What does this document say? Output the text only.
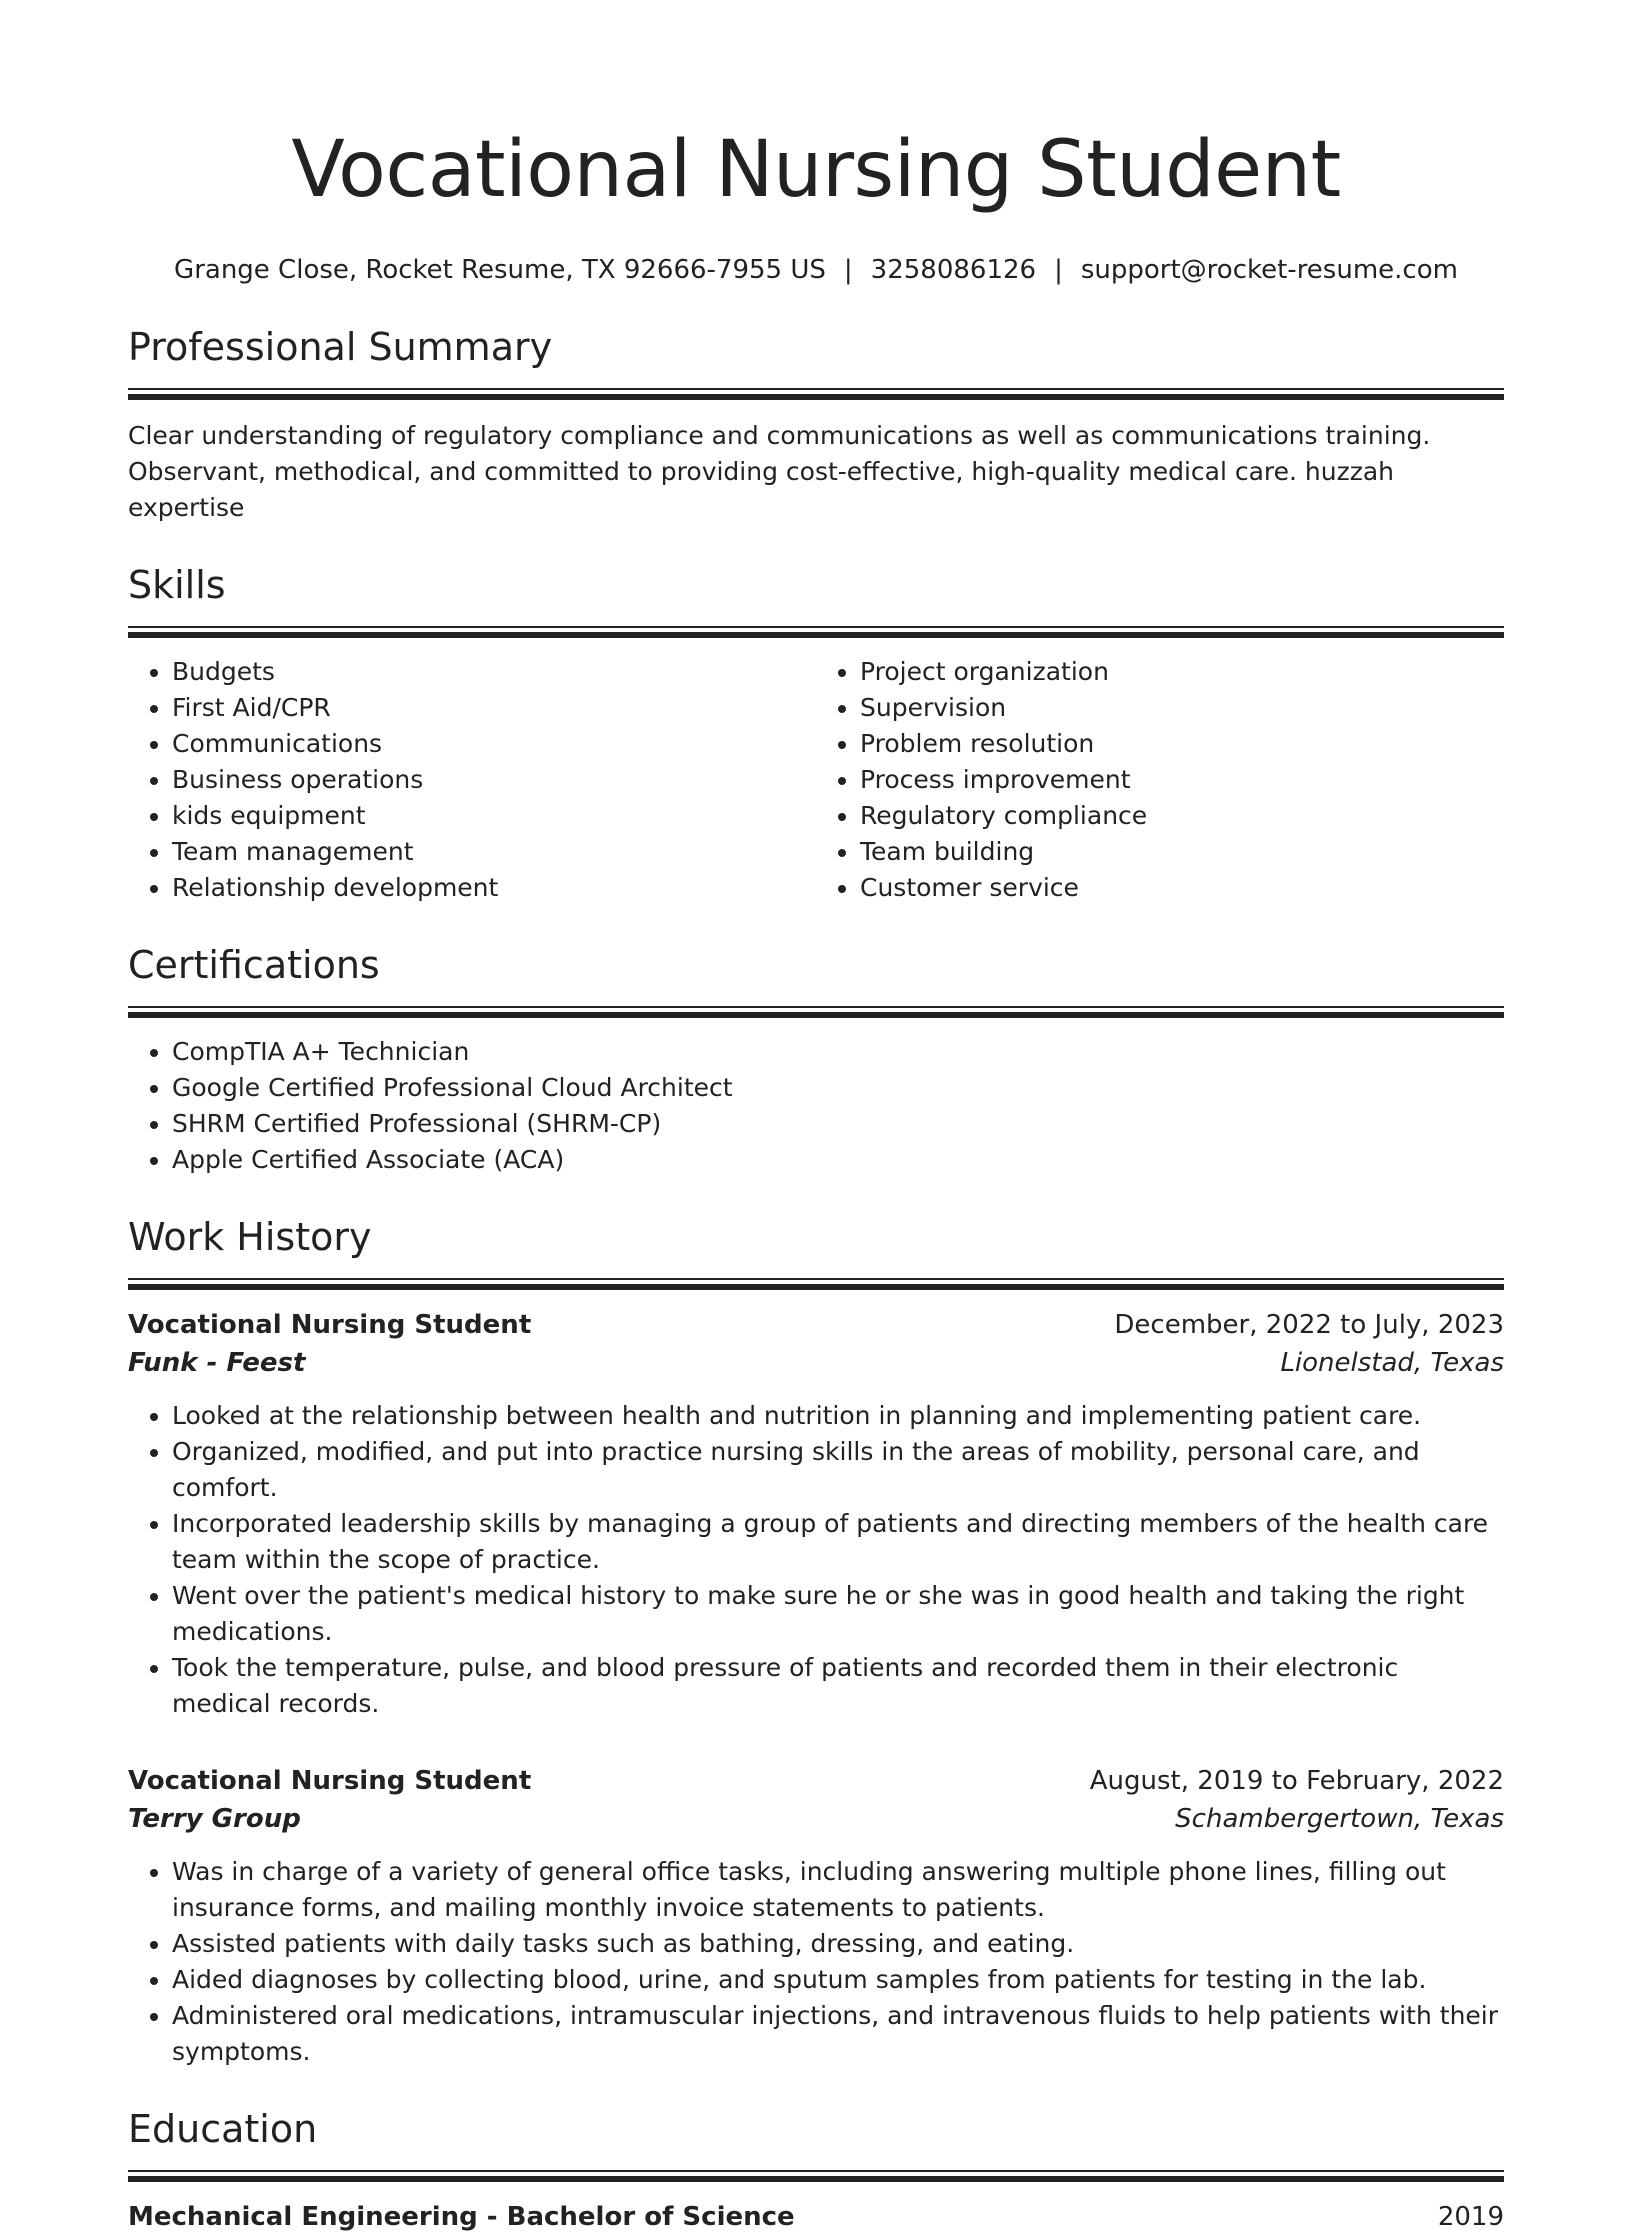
Vocational Nursing Student
Grange Close, Rocket Resume, TX 92666-7955 US | 3258086126 | support@rocket-resume.com
Professional Summary

Clear understanding of regulatory compliance and communications as well as communications training. Observant, methodical, and committed to providing cost-effective, high-quality medical care. huzzah expertise

Skills
• Budgets
• First Aid/CPR
• Communications
• Business operations
• kids equipment
• Team management
• Relationship development
• Project organization
• Supervision
• Problem resolution
• Process improvement
• Regulatory compliance
• Team building
• Customer service
Certifications
• CompTIA A+ Technician
• Google Certified Professional Cloud Architect
• SHRM Certified Professional (SHRM-CP)
• Apple Certified Associate (ACA)
Work History
Vocational Nursing Student	December, 2022 to July, 2023
Funk - Feest	Lionelstad, Texas
• Looked at the relationship between health and nutrition in planning and implementing patient care.
• Organized, modified, and put into practice nursing skills in the areas of mobility, personal care, and comfort.
• Incorporated leadership skills by managing a group of patients and directing members of the health care team within the scope of practice.
• Went over the patient's medical history to make sure he or she was in good health and taking the right medications.
• Took the temperature, pulse, and blood pressure of patients and recorded them in their electronic medical records.
Vocational Nursing Student	August, 2019 to February, 2022
Terry Group	Schambergertown, Texas
• Was in charge of a variety of general office tasks, including answering multiple phone lines, filling out insurance forms, and mailing monthly invoice statements to patients.
• Assisted patients with daily tasks such as bathing, dressing, and eating.
• Aided diagnoses by collecting blood, urine, and sputum samples from patients for testing in the lab.
• Administered oral medications, intramuscular injections, and intravenous fluids to help patients with their symptoms.
Education
Mechanical Engineering - Bachelor of Science	2019
